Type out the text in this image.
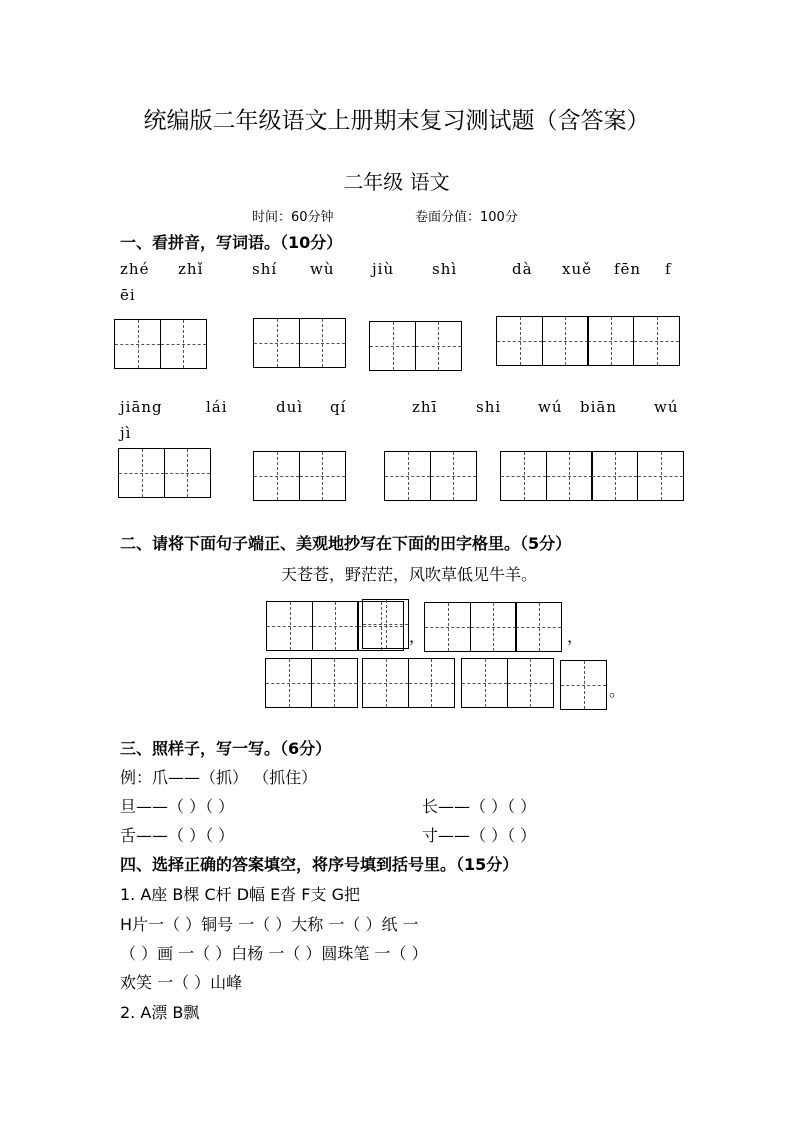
统编版二年级语文上册期末复习测试题（含答案）
二年级 语文
时间：60分钟	卷面分值：100分
一、看拼音，写词语。（10分）
zhé zhǐ	shí wù	jiù	shì	dà xuě fēn f
ēi
jiāng	lái	duì qí	zhī	shi wú biān wú
jì
二、请将下面句子端正、美观地抄写在下面的田字格里。（5分）
天苍苍，野茫茫，风吹草低见牛羊。
，	，
。
三、照样子，写一写。（6分）
例：爪——（抓） （抓住）
旦——（ ）（ ）	长——（ ）（ ）
舌——（ ）（ ）	寸——（ ）（ ）
四、选择正确的答案填空，将序号填到括号里。（15分）
1. A座 B棵 C杆 D幅 E沓 F支 G把
H片一（ ）铜号 一（ ）大称 一（ ）纸 一
（ ）画 一（ ）白杨 一（ ）圆珠笔 一（ ）
欢笑 一（ ）山峰
2. A漂 B飘
